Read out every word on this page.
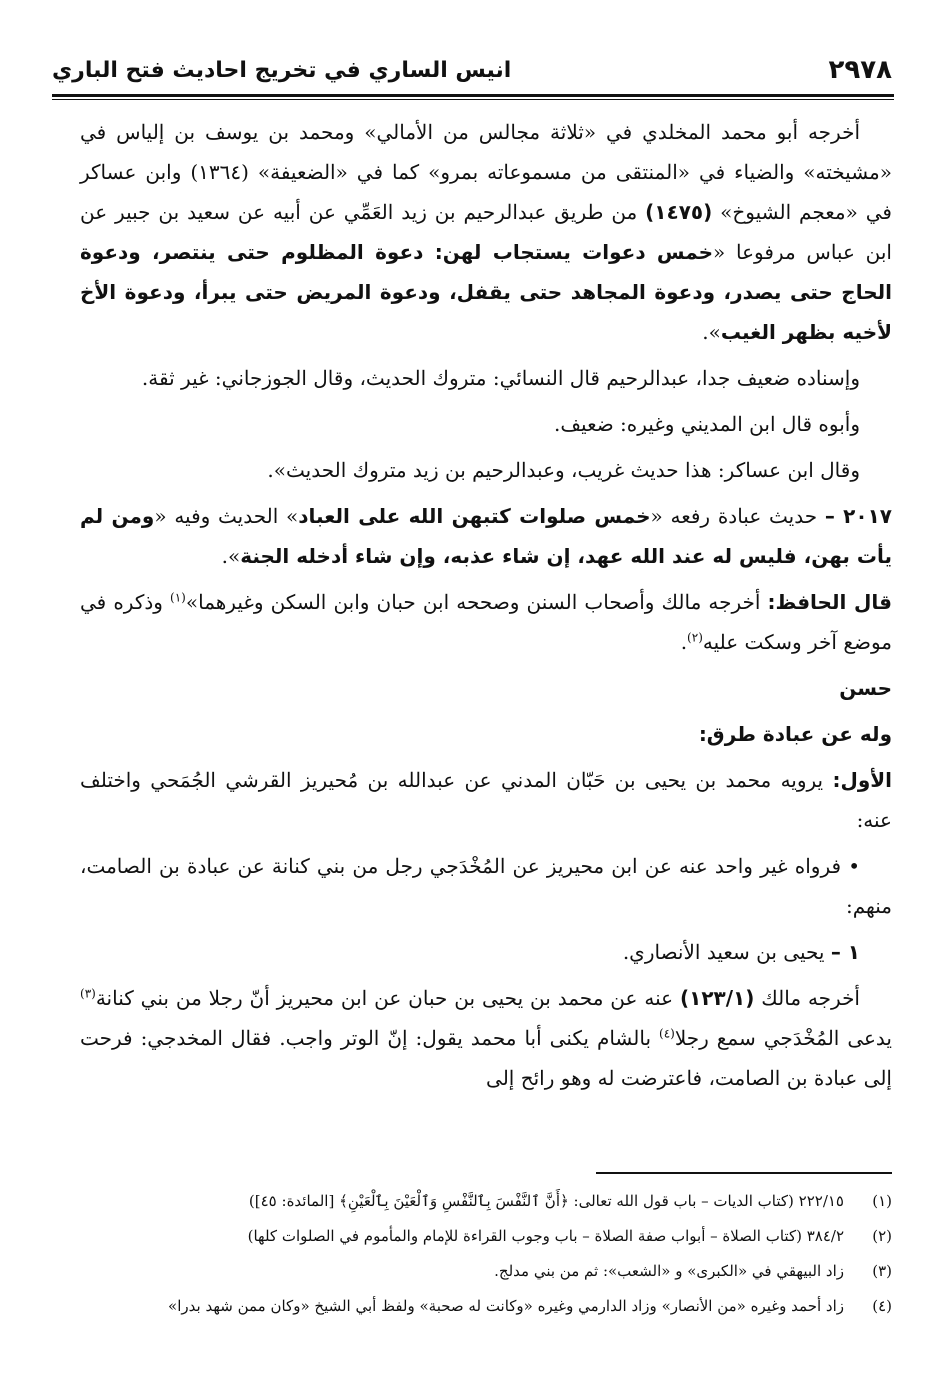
٢٩٧٨
انيس الساري في تخريج احاديث فتح الباري

أخرجه أبو محمد المخلدي في «ثلاثة مجالس من الأمالي» ومحمد بن يوسف بن إلياس في «مشيخته» والضياء في «المنتقى من مسموعاته بمرو» كما في «الضعيفة» (١٣٦٤) وابن عساكر في «معجم الشيوخ» (١٤٧٥) من طريق عبدالرحيم بن زيد العَمِّي عن أبيه عن سعيد بن جبير عن ابن عباس مرفوعا «خمس دعوات يستجاب لهن: دعوة المظلوم حتى ينتصر، ودعوة الحاج حتى يصدر، ودعوة المجاهد حتى يقفل، ودعوة المريض حتى يبرأ، ودعوة الأخ لأخيه بظهر الغيب».

وإسناده ضعيف جدا، عبدالرحيم قال النسائي: متروك الحديث، وقال الجوزجاني: غير ثقة.

وأبوه قال ابن المديني وغيره: ضعيف.

وقال ابن عساكر: هذا حديث غريب، وعبدالرحيم بن زيد متروك الحديث».

٢٠١٧ – حديث عبادة رفعه «خمس صلوات كتبهن الله على العباد» الحديث وفيه «ومن لم يأت بهن، فليس له عند الله عهد، إن شاء عذبه، وإن شاء أدخله الجنة».

قال الحافظ: أخرجه مالك وأصحاب السنن وصححه ابن حبان وابن السكن وغيرهما»$^{(١)}$ وذكره في موضع آخر وسكت عليه$^{(٢)}$.

حسن

وله عن عبادة طرق:

الأول: يرويه محمد بن يحيى بن حَبّان المدني عن عبدالله بن مُحيريز القرشي الجُمَحي واختلف عنه:

• فرواه غير واحد عنه عن ابن محيريز عن المُخْدَجي رجل من بني كنانة عن عبادة بن الصامت، منهم:

١ – يحيى بن سعيد الأنصاري.

أخرجه مالك (١٢٣/١) عنه عن محمد بن يحيى بن حبان عن ابن محيريز أنّ رجلا من بني كنانة$^{(٣)}$ يدعى المُخْدَجي سمع رجلا$^{(٤)}$ بالشام يكنى أبا محمد يقول: إنّ الوتر واجب. فقال المخدجي: فرحت إلى عبادة بن الصامت، فاعترضت له وهو رائح إلى

(١)
٢٢٢/١٥ (كتاب الديات – باب قول الله تعالى: ﴿أَنَّ ٱلنَّفْسَ بِٱلنَّفْسِ وَٱلْعَيْنَ بِٱلْعَيْنِ﴾ [المائدة: ٤٥])
(٢)
٣٨٤/٢ (كتاب الصلاة – أبواب صفة الصلاة – باب وجوب القراءة للإمام والمأموم في الصلوات كلها)
(٣)
زاد البيهقي في «الكبرى» و «الشعب»: ثم من بني مدلج.
(٤)
زاد أحمد وغيره «من الأنصار» وزاد الدارمي وغيره «وكانت له صحبة» ولفظ أبي الشيخ «وكان ممن شهد بدرا»
